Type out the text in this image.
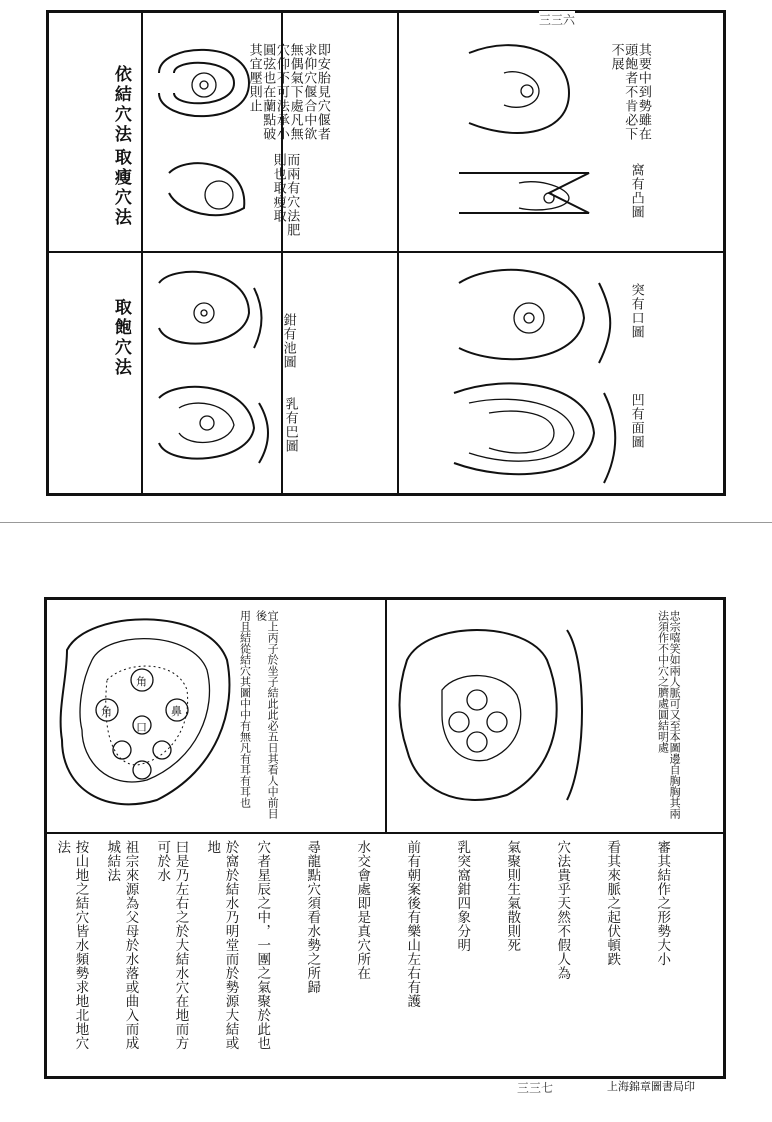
三三六
依結穴法
取瘦穴法
取飽穴法
即安胎見穴偃者求仰穴偃合中欲無偶氣下處凡無穴仰不可法承小圓弦也在蘭點破其宜壓則止
而兩有穴法肥則也取瘦取
鉗有池圖
乳有巴圖
其要中到勢雖在頭飽者不肯必下不展
窩有凸圖
突有口圖
凹有面圖
用且結從結穴其圖中中有無凡有耳有耳也	宜上丙子於坐子結此此必五日其看人中前目後	忠宗嘻笑如兩人脈可又至本圖邊自胸胸其兩法須作不中穴之臍處圓結明處
角
角	鼻
口
按山地之結穴皆水頻勢求地北地穴法	祖宗來源為父母於水落或曲入而成城結法	曰是乃左右之於大結水穴在地而方可於水	於窩於結水乃明堂而於勢源大結或地	穴者星辰之中，一團之氣聚於此也	尋龍點穴須看水勢之所歸	水交會處即是真穴所在	前有朝案後有樂山左右有護	乳突窩鉗四象分明	氣聚則生氣散則死	穴法貴乎天然不假人為	看其來脈之起伏頓跌	審其結作之形勢大小
三三七	上海錦章圖書局印
